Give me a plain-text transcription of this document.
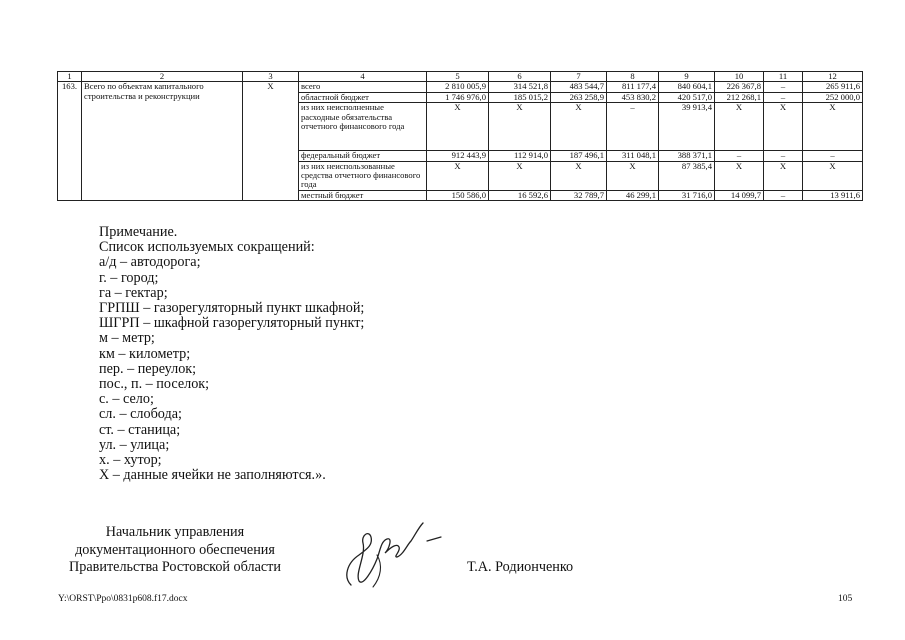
1	2	3	4	5	6	7	8	9	10	11	12
163.	Всего по объектам капитального строительства и реконструкции	Х	всего	2 810 005,9	314 521,8	483 544,7	811 177,4	840 604,1	226 367,8	–	265 911,6
			областной бюджет	1 746 976,0	185 015,2	263 258,9	453 830,2	420 517,0	212 268,1	–	252 000,0
			из них неисполненные расходные обязательства отчетного финансового года	Х	Х	Х	–	39 913,4	Х	Х	Х
			федеральный бюджет	912 443,9	112 914,0	187 496,1	311 048,1	388 371,1	–	–	–
			из них неиспользованные средства отчетного финансового года	Х	Х	Х	Х	87 385,4	Х	Х	Х
			местный бюджет	150 586,0	16 592,6	32 789,7	46 299,1	31 716,0	14 099,7	–	13 911,6
Примечание.
Список используемых сокращений:
а/д – автодорога;
г. – город;
га – гектар;
ГРПШ – газорегуляторный пункт шкафной;
ШГРП – шкафной газорегуляторный пункт;
м – метр;
км – километр;
пер. – переулок;
пос., п. – поселок;
с. – село;
сл. – слобода;
ст. – станица;
ул. – улица;
х. – хутор;
Х – данные ячейки не заполняются.».
Начальник управления
документационного обеспечения
Правительства Ростовской области	Т.А. Родионченко
Y:\ORST\Ppo\0831p608.f17.docx	105
